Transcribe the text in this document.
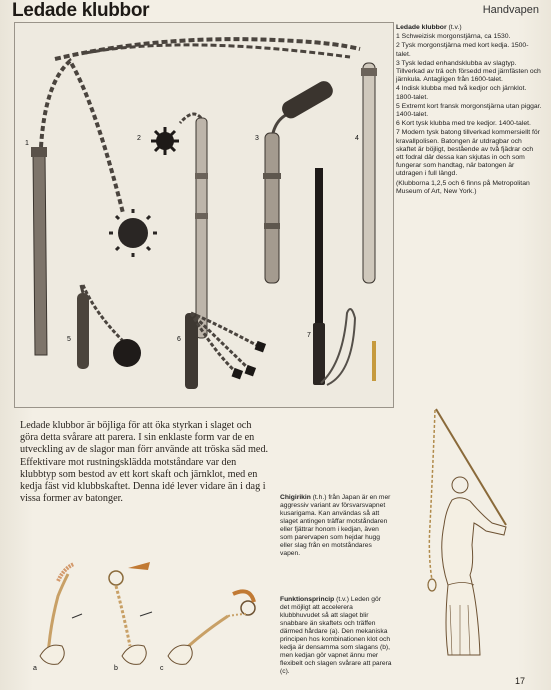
Ledade klubbor	Handvapen
1
2	3	4
5	6
7

Ledade klubbor (t.v.)

1 Schweizisk morgonstjärna, ca 1530.

2 Tysk morgonstjärna med kort kedja. 1500-talet.

3 Tysk ledad enhandsklubba av slagtyp. Tillverkad av trä och försedd med järnfästen och järnkula. Antagligen från 1600-talet.

4 Indisk klubba med två kedjor och järnklot. 1800-talet.

5 Extremt kort fransk morgonstjärna utan piggar. 1400-talet.

6 Kort tysk klubba med tre kedjor. 1400-talet.

7 Modern tysk batong tillverkad kommersiellt för kravallpolisen. Batongen är utdragbar och skaftet är böjligt, bestående av två fjädrar och ett fodral där dessa kan skjutas in och som fungerar som handtag, när batongen är utdragen i full längd.

(Klubborna 1,2,5 och 6 finns på Metropolitan Museum of Art, New York.)

Ledade klubbor är böjliga för att öka styrkan i slaget och göra detta svårare att parera. I sin enklaste form var de en utveckling av de slagor man förr använde att tröska säd med. Effektivare mot rustningsklädda motståndare var den klubbtyp som bestod av ett kort skaft och järnklot, med en kedja fäst vid klubbskaftet. Denna idé lever vidare än i dag i vissa former av batonger.	Chigirikin (t.h.) från Japan är en mer aggressiv variant av försvarsvapnet kusarigama. Kan användas så att slaget antingen träffar motståndaren eller fjättrar honom i kedjan, även som parervapen som hejdar hugg eller slag från en motståndares vapen.
Funktionsprincip (t.v.) Leden gör det möjligt att accelerera klubbhuvudet så att slaget blir snabbare än skaftets och träffen därmed hårdare (a). Den mekaniska principen hos kombinationen klot och kedja är densamma som slagans (b), men kedjan gör vapnet ännu mer flexibelt och slagen svårare att parera (c).
a	b	c
17
